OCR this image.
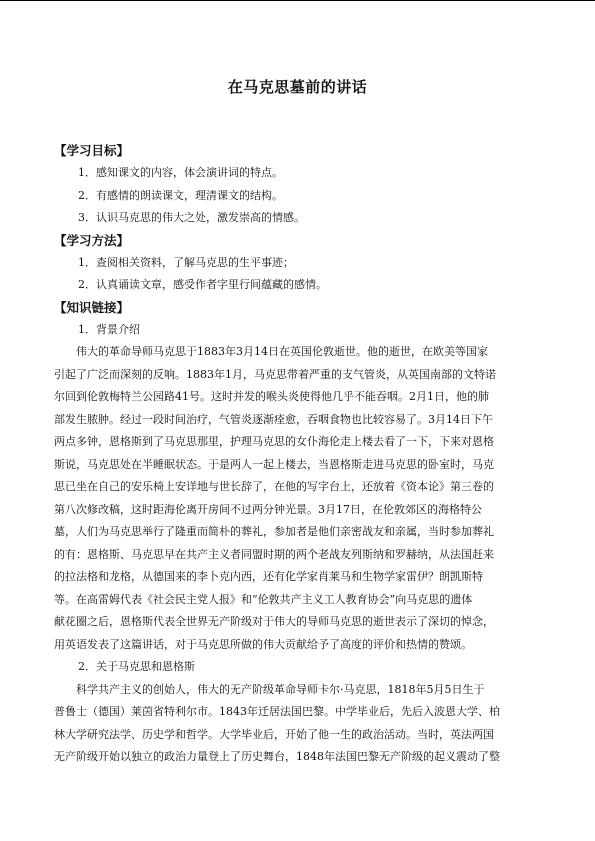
在马克思墓前的讲话

【学习目标】

1．感知课文的内容，体会演讲词的特点。

2．有感情的朗读课文，理清课文的结构。

3．认识马克思的伟大之处，激发崇高的情感。

【学习方法】

1．查阅相关资料，了解马克思的生平事迹；

2．认真诵读文章，感受作者字里行间蕴藏的感情。

【知识链接】

1．背景介绍

伟大的革命导师马克思于1883年3月14日在英国伦敦逝世。他的逝世，在欧美等国家
引起了广泛而深刻的反响。1883年1月，马克思带着严重的支气管炎，从英国南部的文特诺
尔回到伦敦梅特兰公园路41号。这时并发的喉头炎使得他几乎不能吞咽。2月1日，他的肺
部发生脓肿。经过一段时间治疗，气管炎逐渐痊愈，吞咽食物也比较容易了。3月14日下午
两点多钟，恩格斯到了马克思那里，护理马克思的女仆海伦走上楼去看了一下，下来对恩格
斯说，马克思处在半睡眠状态。于是两人一起上楼去，当恩格斯走进马克思的卧室时，马克
思已坐在自己的安乐椅上安详地与世长辞了，在他的写字台上，还放着《资本论》第三卷的
第八次修改稿，这时距海伦离开房间不过两分钟光景。3月17日，在伦敦郊区的海格特公
墓，人们为马克思举行了隆重而简朴的葬礼，参加者是他们亲密战友和亲属，当时参加葬礼
的有：恩格斯、马克思早在共产主义者同盟时期的两个老战友列斯纳和罗赫纳，从法国赶来
的拉法格和龙格，从德国来的李卜克内西，还有化学家肖莱马和生物学家雷伊？朗凯斯特
等。在高雷姆代表《社会民主党人报》和“伦敦共产主义工人教育协会”向马克思的遗体
献花圈之后，恩格斯代表全世界无产阶级对于伟大的导师马克思的逝世表示了深切的悼念，
用英语发表了这篇讲话，对于马克思所做的伟大贡献给予了高度的评价和热情的赞颂。

2．关于马克思和恩格斯

科学共产主义的创始人，伟大的无产阶级革命导师卡尔·马克思，1818年5月5日生于
普鲁士（德国）莱茵省特利尔市。1843年迁居法国巴黎。中学毕业后，先后入波恩大学、柏
林大学研究法学、历史学和哲学。大学毕业后，开始了他一生的政治活动。当时，英法两国
无产阶级开始以独立的政治力量登上了历史舞台，1848年法国巴黎无产阶级的起义震动了整
